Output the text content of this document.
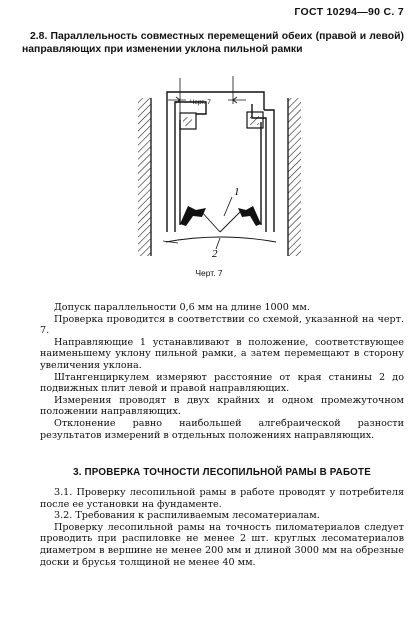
ГОСТ 10294—90 С. 7
2.8. Параллельность совместных перемещений обеих (правой и левой) направляющих при изменении уклона пильной рамки
1
2
Черт. 7
Черт. 7

Допуск параллельности 0,6 мм на длине 1000 мм.

Проверка проводится в соответствии со схемой, указанной на черт. 7.

Направляющие 1 устанавливают в положение, соответствующее наименьшему уклону пильной рамки, а затем перемещают в сторону увеличения уклона.

Штангенциркулем измеряют расстояние от края станины 2 до подвижных плит левой и правой направляющих.

Измерения проводят в двух крайних и одном промежуточном положении направляющих.

Отклонение равно наибольшей алгебраической разности результатов измерений в отдельных положениях направляющих.

3. ПРОВЕРКА ТОЧНОСТИ ЛЕСОПИЛЬНОЙ РАМЫ В РАБОТЕ

3.1. Проверку лесопильной рамы в работе проводят у потребителя после ее установки на фундаменте.

3.2. Требования к распиливаемым лесоматериалам.

Проверку лесопильной рамы на точность пиломатериалов следует проводить при распиловке не менее 2 шт. круглых лесоматериалов диаметром в вершине не менее 200 мм и длиной 3000 мм на обрезные доски и брусья толщиной не менее 40 мм.
